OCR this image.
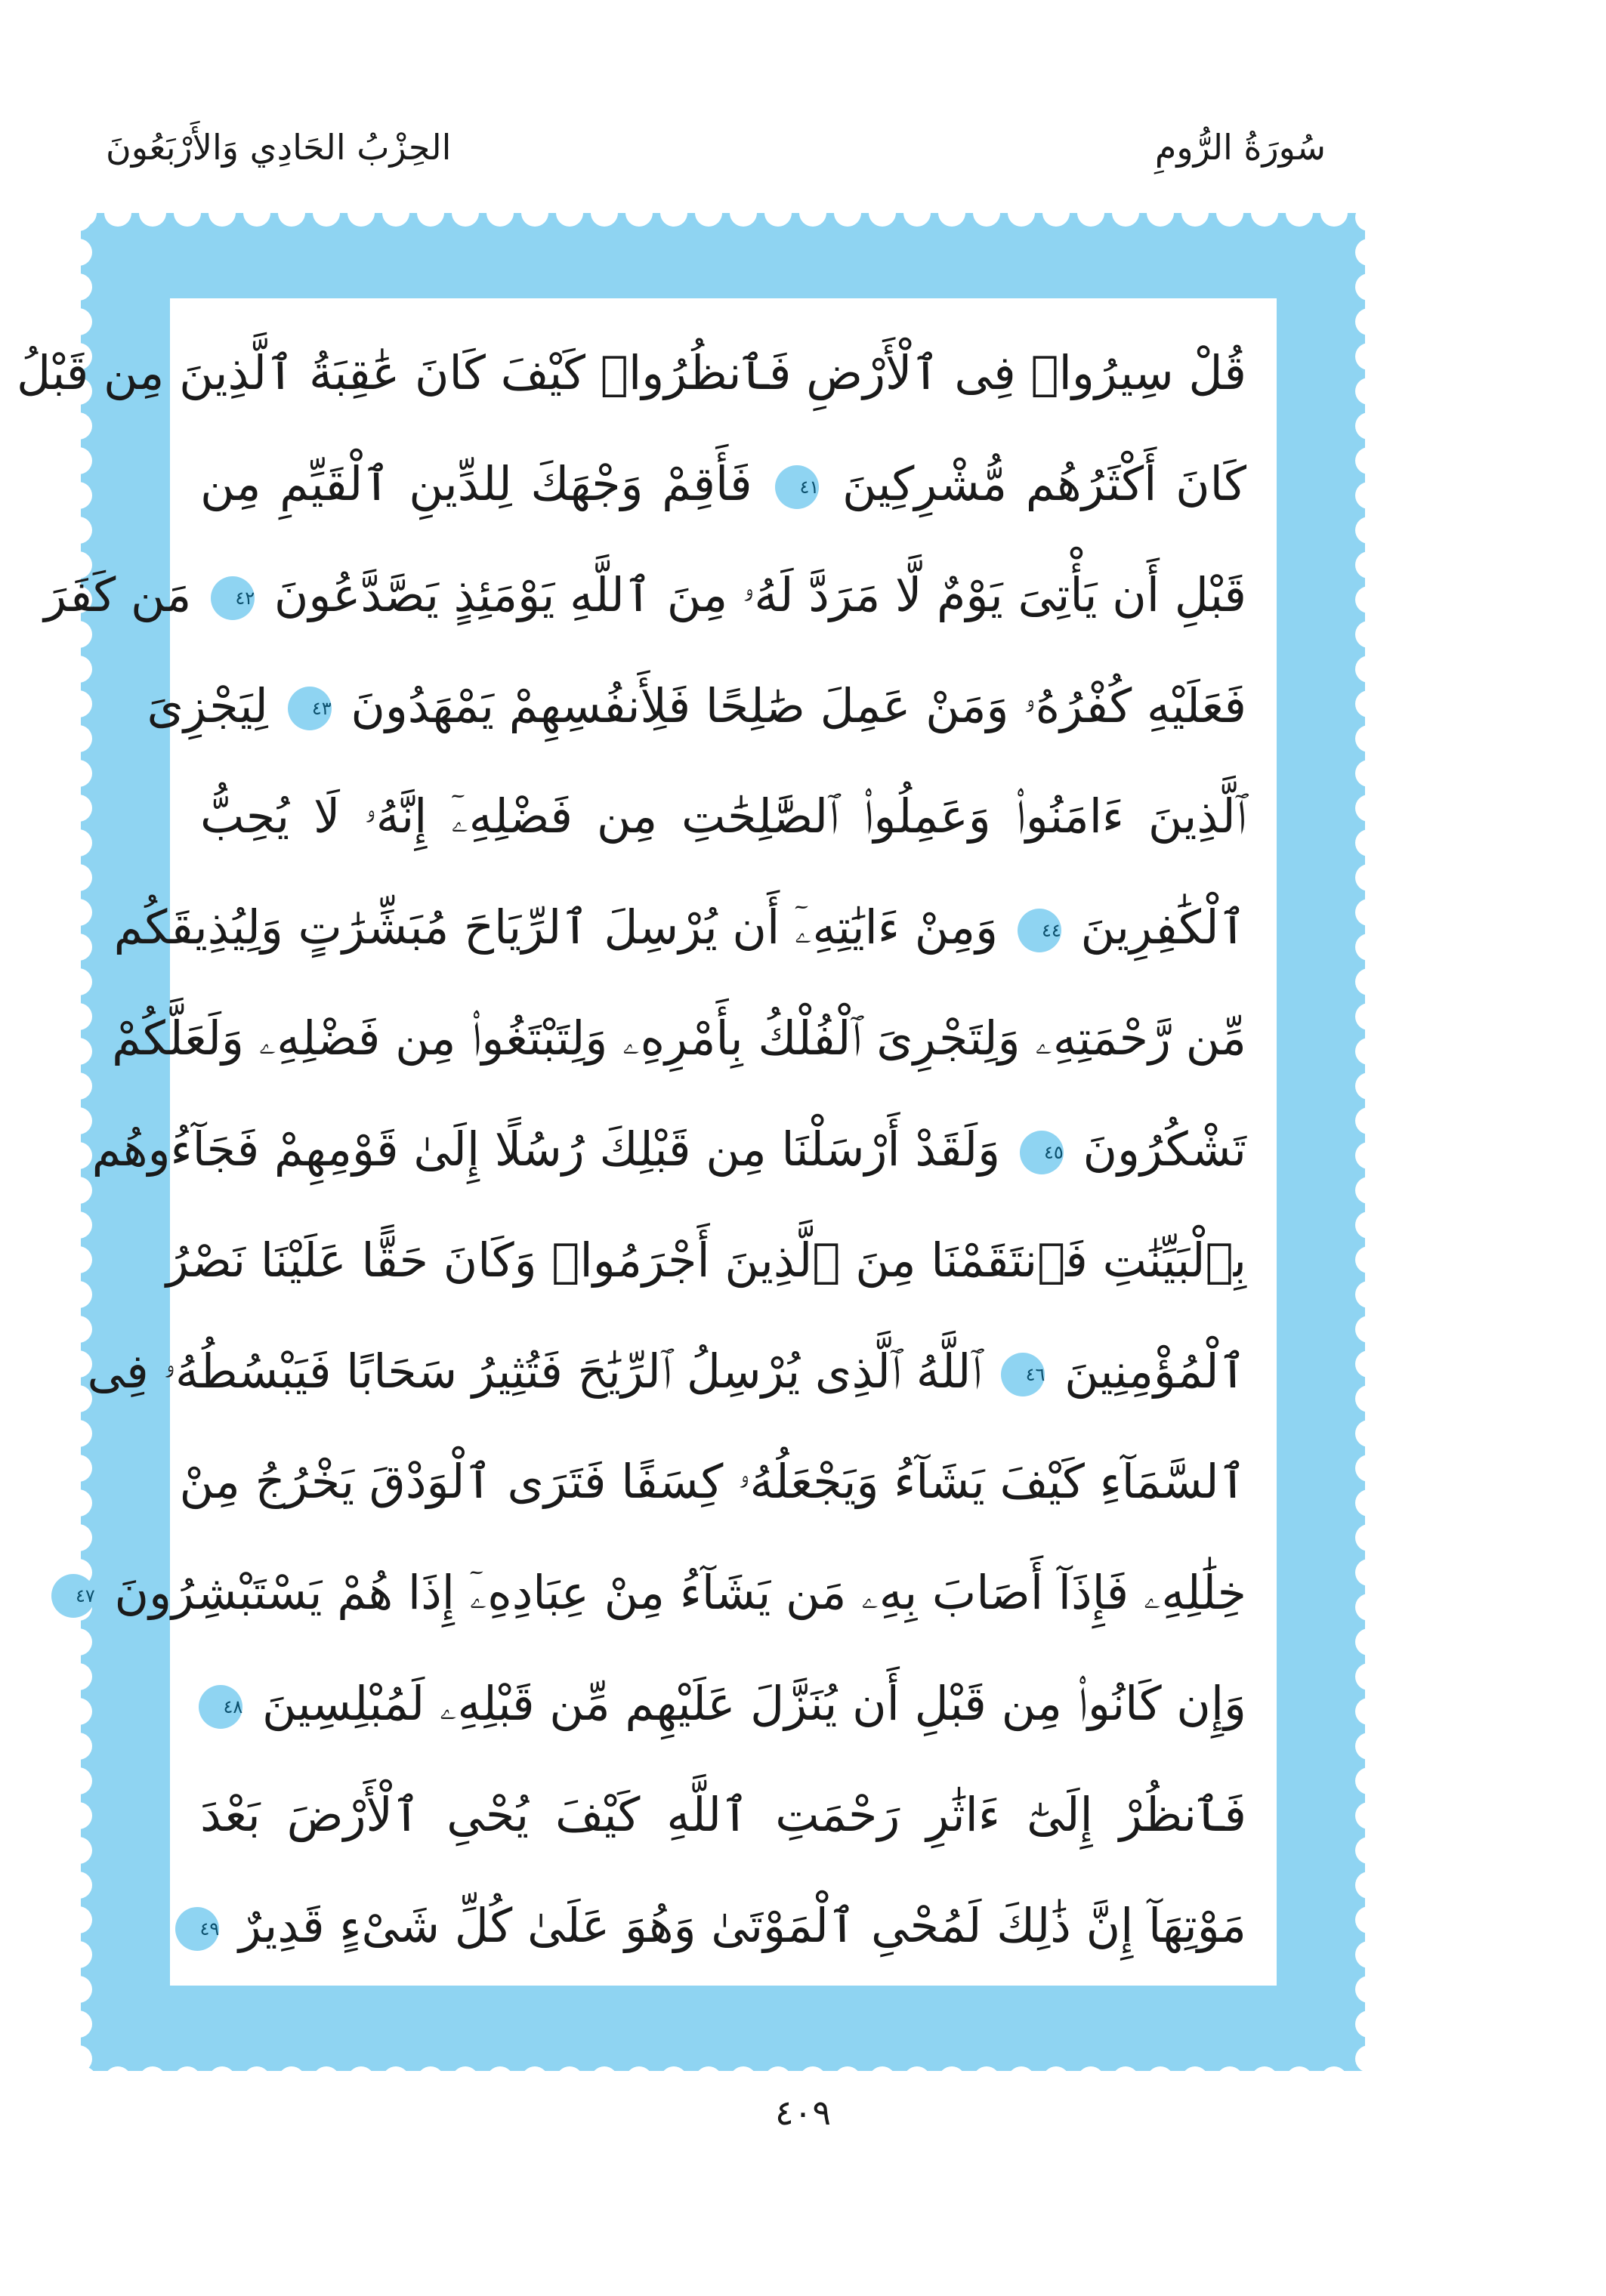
سُورَةُ الرُّومِ
الحِزْبُ الحَادِي وَالأَرْبَعُونَ
قُلْ سِيرُوا۟ فِى ٱلْأَرْضِ فَٱنظُرُوا۟ كَيْفَ كَانَ عَٰقِبَةُ ٱلَّذِينَ مِن قَبْلُ
كَانَ أَكْثَرُهُم مُّشْرِكِينَ ٤١ فَأَقِمْ وَجْهَكَ لِلدِّينِ ٱلْقَيِّمِ مِن
قَبْلِ أَن يَأْتِىَ يَوْمٌ لَّا مَرَدَّ لَهُۥ مِنَ ٱللَّهِ يَوْمَئِذٍ يَصَّدَّعُونَ ٤٢ مَن كَفَرَ
فَعَلَيْهِ كُفْرُهُۥ وَمَنْ عَمِلَ صَٰلِحًا فَلِأَنفُسِهِمْ يَمْهَدُونَ ٤٣ لِيَجْزِىَ
ٱلَّذِينَ ءَامَنُوا۟ وَعَمِلُوا۟ ٱلصَّٰلِحَٰتِ مِن فَضْلِهِۦٓ إِنَّهُۥ لَا يُحِبُّ
ٱلْكَٰفِرِينَ ٤٤ وَمِنْ ءَايَٰتِهِۦٓ أَن يُرْسِلَ ٱلرِّيَاحَ مُبَشِّرَٰتٍ وَلِيُذِيقَكُم
مِّن رَّحْمَتِهِۦ وَلِتَجْرِىَ ٱلْفُلْكُ بِأَمْرِهِۦ وَلِتَبْتَغُوا۟ مِن فَضْلِهِۦ وَلَعَلَّكُمْ
تَشْكُرُونَ ٤٥ وَلَقَدْ أَرْسَلْنَا مِن قَبْلِكَ رُسُلًا إِلَىٰ قَوْمِهِمْ فَجَآءُوهُم
بِٱلْبَيِّنَٰتِ فَٱنتَقَمْنَا مِنَ ٱلَّذِينَ أَجْرَمُوا۟ وَكَانَ حَقًّا عَلَيْنَا نَصْرُ
ٱلْمُؤْمِنِينَ ٤٦ ٱللَّهُ ٱلَّذِى يُرْسِلُ ٱلرِّيَٰحَ فَتُثِيرُ سَحَابًا فَيَبْسُطُهُۥ فِى
ٱلسَّمَآءِ كَيْفَ يَشَآءُ وَيَجْعَلُهُۥ كِسَفًا فَتَرَى ٱلْوَدْقَ يَخْرُجُ مِنْ
خِلَٰلِهِۦ فَإِذَآ أَصَابَ بِهِۦ مَن يَشَآءُ مِنْ عِبَادِهِۦٓ إِذَا هُمْ يَسْتَبْشِرُونَ ٤٧
وَإِن كَانُوا۟ مِن قَبْلِ أَن يُنَزَّلَ عَلَيْهِم مِّن قَبْلِهِۦ لَمُبْلِسِينَ ٤٨
فَٱنظُرْ إِلَىٰٓ ءَاثَٰرِ رَحْمَتِ ٱللَّهِ كَيْفَ يُحْىِ ٱلْأَرْضَ بَعْدَ
مَوْتِهَآ إِنَّ ذَٰلِكَ لَمُحْىِ ٱلْمَوْتَىٰ وَهُوَ عَلَىٰ كُلِّ شَىْءٍ قَدِيرٌ ٤٩
٤٠٩
